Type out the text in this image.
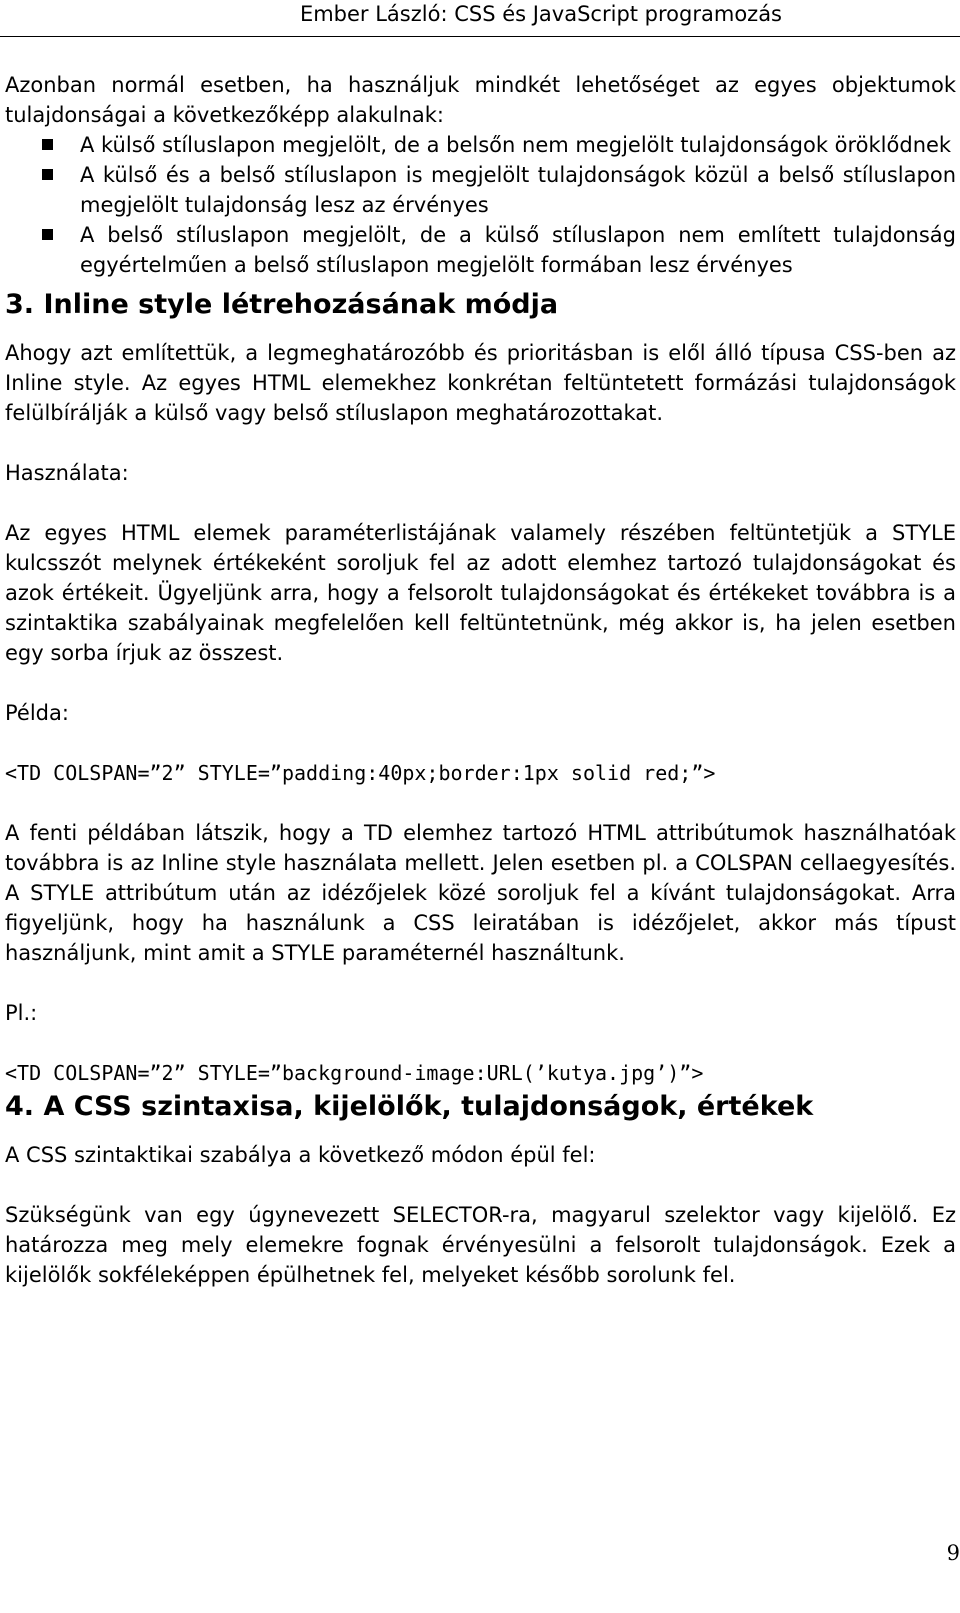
Ember László: CSS és JavaScript programozás

Azonban normál esetben, ha használjuk mindkét lehetőséget az egyes objektumok tulajdonságai a következőképp alakulnak:

A külső stíluslapon megjelölt, de a belsőn nem megjelölt tulajdonságok öröklődnek
A külső és a belső stíluslapon is megjelölt tulajdonságok közül a belső stíluslapon megjelölt tulajdonság lesz az érvényes
A belső stíluslapon megjelölt, de a külső stíluslapon nem említett tulajdonság egyértelműen a belső stíluslapon megjelölt formában lesz érvényes
3. Inline style létrehozásának módja

Ahogy azt említettük, a legmeghatározóbb és prioritásban is elől álló típusa CSS-ben az Inline style. Az egyes HTML elemekhez konkrétan feltüntetett formázási tulajdonságok felülbírálják a külső vagy belső stíluslapon meghatározottakat.

Használata:

Az egyes HTML elemek paraméterlistájának valamely részében feltüntetjük a STYLE kulcsszót melynek értékeként soroljuk fel az adott elemhez tartozó tulajdonságokat és azok értékeit. Ügyeljünk arra, hogy a felsorolt tulajdonságokat és értékeket továbbra is a szintaktika szabályainak megfelelően kell feltüntetnünk, még akkor is, ha jelen esetben egy sorba írjuk az összest.

Példa:
<TD COLSPAN=”2” STYLE=”padding:40px;border:1px solid red;”>

A fenti példában látszik, hogy a TD elemhez tartozó HTML attribútumok használhatóak továbbra is az Inline style használata mellett. Jelen esetben pl. a COLSPAN cellaegyesítés. A STYLE attribútum után az idézőjelek közé soroljuk fel a kívánt tulajdonságokat. Arra figyeljünk, hogy ha használunk a CSS leiratában is idézőjelet, akkor más típust használjunk, mint amit a STYLE paraméternél használtunk.

Pl.:
<TD COLSPAN=”2” STYLE=”background-image:URL(’kutya.jpg’)”>
4. A CSS szintaxisa, kijelölők, tulajdonságok, értékek

A CSS szintaktikai szabálya a következő módon épül fel:

Szükségünk van egy úgynevezett SELECTOR-ra, magyarul szelektor vagy kijelölő. Ez határozza meg mely elemekre fognak érvényesülni a felsorolt tulajdonságok. Ezek a kijelölők sokféleképpen épülhetnek fel, melyeket később sorolunk fel.

9
